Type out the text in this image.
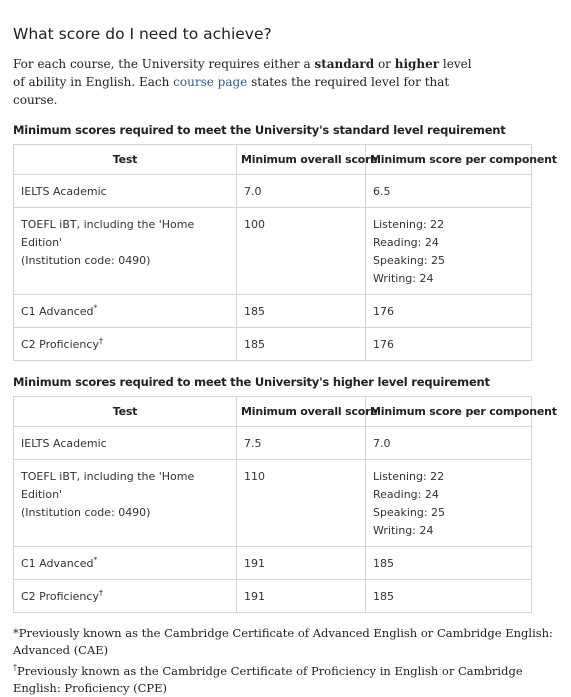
What score do I need to achieve?

For each course, the University requires either a standard or higher level of ability in English. Each course page states the required level for that course.

Minimum scores required to meet the University's standard level requirement
Test	Minimum overall score	Minimum score per component

IELTS Academic	7.0	6.5

TOEFL iBT, including the 'Home Edition'
(Institution code: 0490)	100	Listening: 22
Reading: 24
Speaking: 25
Writing: 24

C1 Advanced*	185	176

C2 Proficiency†	185	176
Minimum scores required to meet the University's higher level requirement
Test	Minimum overall score	Minimum score per component

IELTS Academic	7.5	7.0

TOEFL iBT, including the 'Home Edition'
(Institution code: 0490)	110	Listening: 22
Reading: 24
Speaking: 25
Writing: 24

C1 Advanced*	191	185

C2 Proficiency†	191	185

*Previously known as the Cambridge Certificate of Advanced English or Cambridge English: Advanced (CAE)

†Previously known as the Cambridge Certificate of Proficiency in English or Cambridge English: Proficiency (CPE)
